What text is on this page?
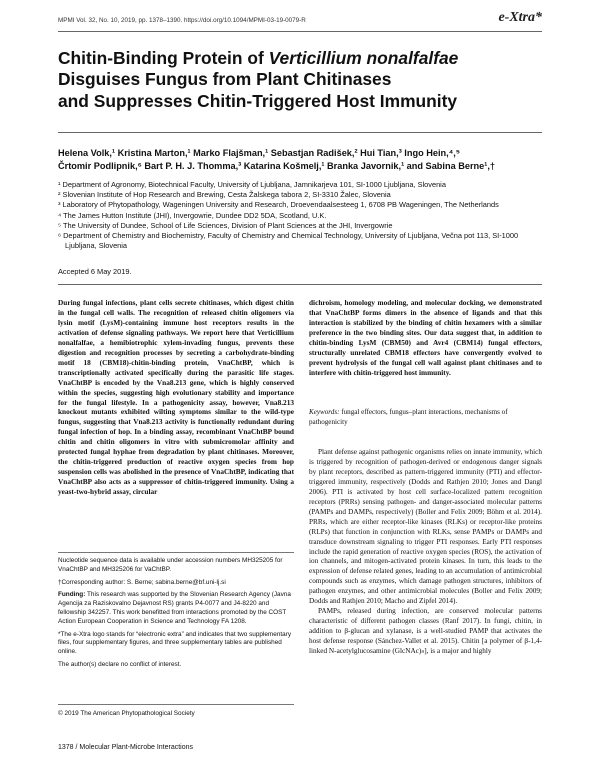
MPMI Vol. 32, No. 10, 2019, pp. 1378–1390. https://doi.org/10.1094/MPMI-03-19-0079-R	e-Xtra*
Chitin-Binding Protein of Verticillium nonalfalfae
Disguises Fungus from Plant Chitinases
and Suppresses Chitin-Triggered Host Immunity
Helena Volk,¹ Kristina Marton,¹ Marko Flajšman,¹ Sebastjan Radišek,² Hui Tian,³ Ingo Hein,⁴,⁵
Črtomir Podlipnik,⁶ Bart P. H. J. Thomma,³ Katarina Košmelj,¹ Branka Javornik,¹ and Sabina Berne¹,†

¹ Department of Agronomy, Biotechnical Faculty, University of Ljubljana, Jamnikarjeva 101, SI-1000 Ljubljana, Slovenia

² Slovenian Institute of Hop Research and Brewing, Cesta Žalskega tabora 2, SI-3310 Žalec, Slovenia

³ Laboratory of Phytopathology, Wageningen University and Research, Droevendaalsesteeg 1, 6708 PB Wageningen, The Netherlands

⁴ The James Hutton Institute (JHI), Invergowrie, Dundee DD2 5DA, Scotland, U.K.

⁵ The University of Dundee, School of Life Sciences, Division of Plant Sciences at the JHI, Invergowrie

⁶ Department of Chemistry and Biochemistry, Faculty of Chemistry and Chemical Technology, University of Ljubljana, Večna pot 113, SI-1000 Ljubljana, Slovenia

Accepted 6 May 2019.
During fungal infections, plant cells secrete chitinases, which digest chitin in the fungal cell walls. The recognition of released chitin oligomers via lysin motif (LysM)-containing immune host receptors results in the activation of defense signaling pathways. We report here that Verticillium nonalfalfae, a hemibiotrophic xylem-invading fungus, prevents these digestion and recognition processes by secreting a carbohydrate-binding motif 18 (CBM18)-chitin-binding protein, VnaChtBP, which is transcriptionally activated specifically during the parasitic life stages. VnaChtBP is encoded by the Vna8.213 gene, which is highly conserved within the species, suggesting high evolutionary stability and importance for the fungal lifestyle. In a pathogenicity assay, however, Vna8.213 knockout mutants exhibited wilting symptoms similar to the wild-type fungus, suggesting that Vna8.213 activity is functionally redundant during fungal infection of hop. In a binding assay, recombinant VnaChtBP bound chitin and chitin oligomers in vitro with submicromolar affinity and protected fungal hyphae from degradation by plant chitinases. Moreover, the chitin-triggered production of reactive oxygen species from hop suspension cells was abolished in the presence of VnaChtBP, indicating that VnaChtBP also acts as a suppressor of chitin-triggered immunity. Using a yeast-two-hybrid assay, circular
dichroism, homology modeling, and molecular docking, we demonstrated that VnaChtBP forms dimers in the absence of ligands and that this interaction is stabilized by the binding of chitin hexamers with a similar preference in the two binding sites. Our data suggest that, in addition to chitin-binding LysM (CBM50) and Avr4 (CBM14) fungal effectors, structurally unrelated CBM18 effectors have convergently evolved to prevent hydrolysis of the fungal cell wall against plant chitinases and to interfere with chitin-triggered host immunity.
Keywords: fungal effectors, fungus–plant interactions, mechanisms of pathogenicity

Plant defense against pathogenic organisms relies on innate immunity, which is triggered by recognition of pathogen-derived or endogenous danger signals by plant receptors, described as pattern-triggered immunity (PTI) and effector-triggered immunity, respectively (Dodds and Rathjen 2010; Jones and Dangl 2006). PTI is activated by host cell surface-localized pattern recognition receptors (PRRs) sensing pathogen- and danger-associated molecular patterns (PAMPs and DAMPs, respectively) (Boller and Felix 2009; Böhm et al. 2014). PRRs, which are either receptor-like kinases (RLKs) or receptor-like proteins (RLPs) that function in conjunction with RLKs, sense PAMPs or DAMPs and transduce downstream signaling to trigger PTI responses. Early PTI responses include the rapid generation of reactive oxygen species (ROS), the activation of ion channels, and mitogen-activated protein kinases. In turn, this leads to the expression of defense related genes, leading to an accumulation of antimicrobial compounds such as enzymes, which damage pathogen structures, inhibitors of pathogen enzymes, and other antimicrobial molecules (Boller and Felix 2009; Dodds and Rathjen 2010; Macho and Zipfel 2014).

PAMPs, released during infection, are conserved molecular patterns characteristic of different pathogen classes (Ranf 2017). In fungi, chitin, in addition to β-glucan and xylanase, is a well-studied PAMP that activates the host defense response (Sánchez-Vallet et al. 2015). Chitin [a polymer of β-1,4-linked N-acetylglucosamine (GlcNAc)ₙ], is a major and highly

Nucleotide sequence data is available under accession numbers MH325205 for VnaChtBP and MH325206 for VaChtBP.

†Corresponding author: S. Berne; sabina.berne@bf.uni-lj.si

Funding: This research was supported by the Slovenian Research Agency (Javna Agencija za Raziskovalno Dejavnost RS) grants P4-0077 and J4-8220 and fellowship 342257. This work benefitted from interactions promoted by the COST Action European Cooperation in Science and Technology FA 1208.

*The e-Xtra logo stands for “electronic extra” and indicates that two supplementary files, four supplementary figures, and three supplementary tables are published online.

The author(s) declare no conflict of interest.

© 2019 The American Phytopathological Society
1378 / Molecular Plant-Microbe Interactions
